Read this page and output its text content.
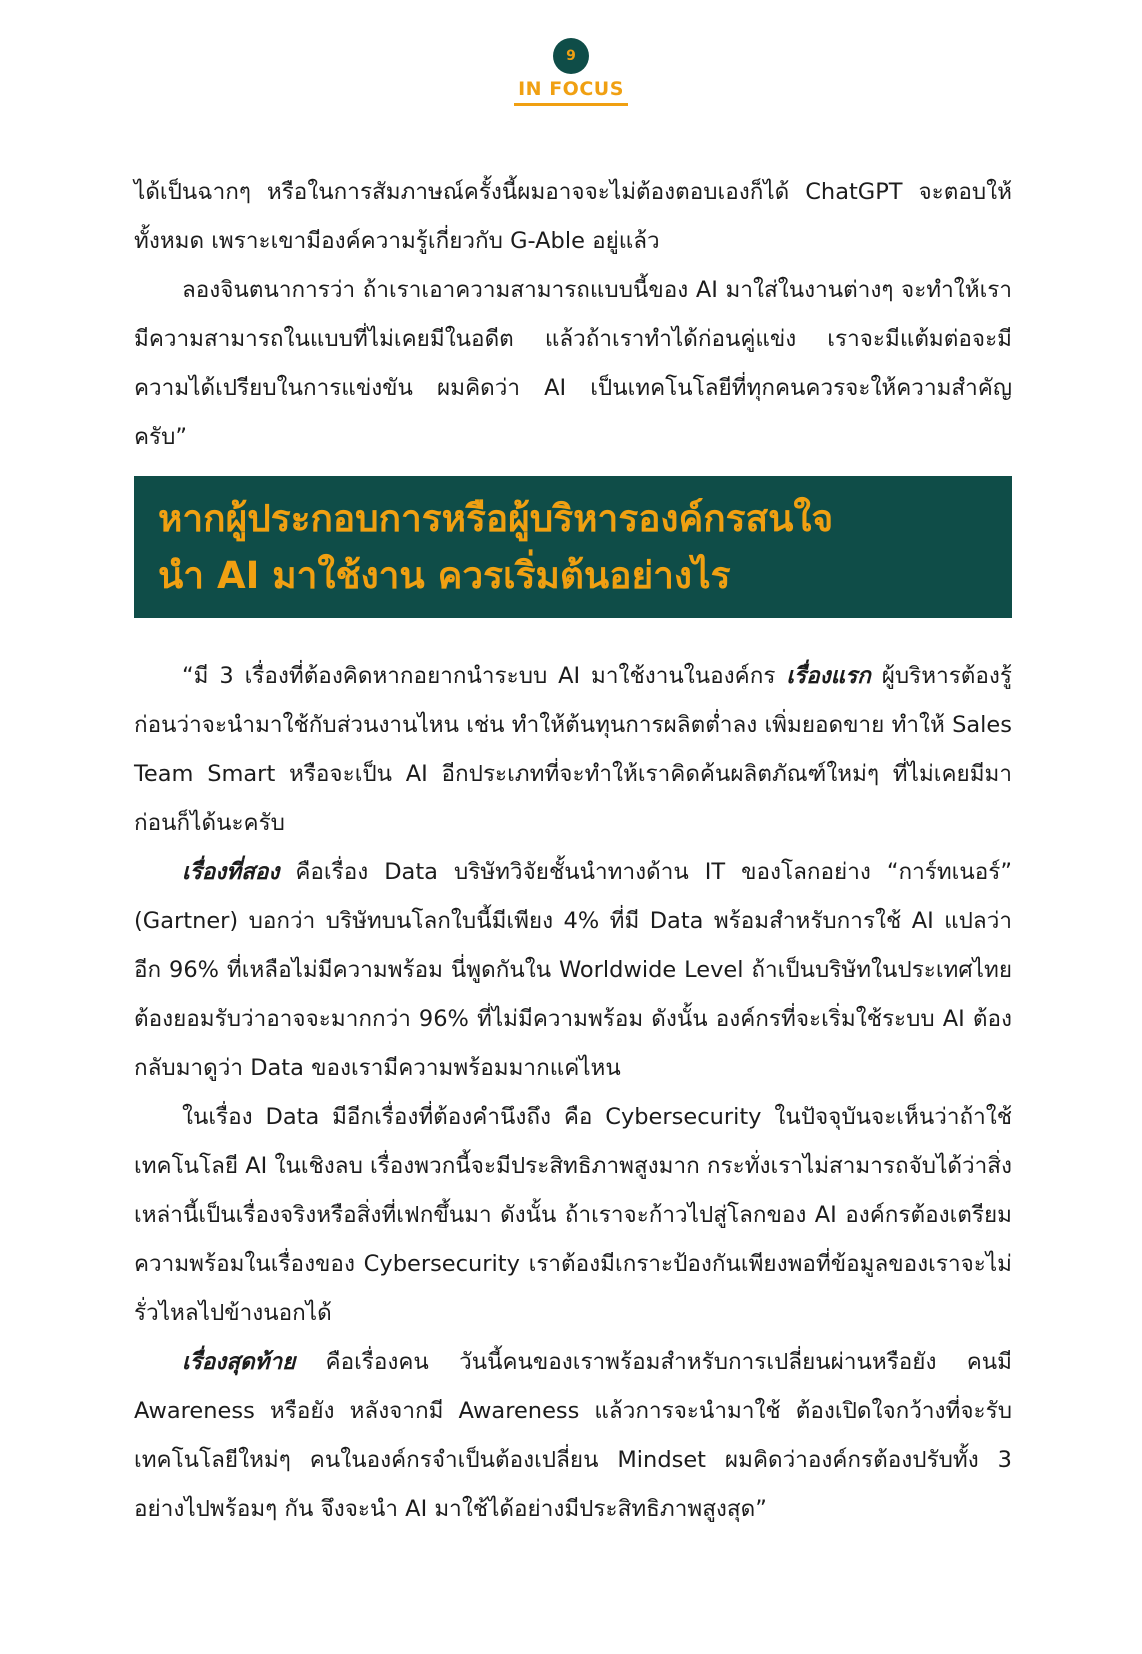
9
IN FOCUS

ได้เป็นฉากๆ หรือในการสัมภาษณ์ครั้งนี้ผมอาจจะไม่ต้องตอบเองก็ได้ ChatGPT จะตอบให้ทั้งหมด เพราะเขามีองค์ความรู้เกี่ยวกับ G-Able อยู่แล้ว

ลองจินตนาการว่า ถ้าเราเอาความสามารถแบบนี้ของ AI มาใส่ในงานต่างๆ จะทำให้เรามีความสามารถในแบบที่ไม่เคยมีในอดีต แล้วถ้าเราทำได้ก่อนคู่แข่ง เราจะมีแต้มต่อจะมีความได้เปรียบในการแข่งขัน ผมคิดว่า AI เป็นเทคโนโลยีที่ทุกคนควรจะให้ความสำคัญครับ”

หากผู้ประกอบการหรือผู้บริหารองค์กรสนใจ
นำ AI มาใช้งาน ควรเริ่มต้นอย่างไร

“มี 3 เรื่องที่ต้องคิดหากอยากนำระบบ AI มาใช้งานในองค์กร เรื่องแรก ผู้บริหารต้องรู้ก่อนว่าจะนำมาใช้กับส่วนงานไหน เช่น ทำให้ต้นทุนการผลิตต่ำลง เพิ่มยอดขาย ทำให้ Sales Team Smart หรือจะเป็น AI อีกประเภทที่จะทำให้เราคิดค้นผลิตภัณฑ์ใหม่ๆ ที่ไม่เคยมีมาก่อนก็ได้นะครับ

เรื่องที่สอง คือเรื่อง Data บริษัทวิจัยชั้นนำทางด้าน IT ของโลกอย่าง “การ์ทเนอร์” (Gartner) บอกว่า บริษัทบนโลกใบนี้มีเพียง 4% ที่มี Data พร้อมสำหรับการใช้ AI แปลว่าอีก 96% ที่เหลือไม่มีความพร้อม นี่พูดกันใน Worldwide Level ถ้าเป็นบริษัทในประเทศไทยต้องยอมรับว่าอาจจะมากกว่า 96% ที่ไม่มีความพร้อม ดังนั้น องค์กรที่จะเริ่มใช้ระบบ AI ต้องกลับมาดูว่า Data ของเรามีความพร้อมมากแค่ไหน

ในเรื่อง Data มีอีกเรื่องที่ต้องคำนึงถึง คือ Cybersecurity ในปัจจุบันจะเห็นว่าถ้าใช้เทคโนโลยี AI ในเชิงลบ เรื่องพวกนี้จะมีประสิทธิภาพสูงมาก กระทั่งเราไม่สามารถจับได้ว่าสิ่งเหล่านี้เป็นเรื่องจริงหรือสิ่งที่เฟกขึ้นมา ดังนั้น ถ้าเราจะก้าวไปสู่โลกของ AI องค์กรต้องเตรียมความพร้อมในเรื่องของ Cybersecurity เราต้องมีเกราะป้องกันเพียงพอที่ข้อมูลของเราจะไม่รั่วไหลไปข้างนอกได้

เรื่องสุดท้าย คือเรื่องคน วันนี้คนของเราพร้อมสำหรับการเปลี่ยนผ่านหรือยัง คนมี Awareness หรือยัง หลังจากมี Awareness แล้วการจะนำมาใช้ ต้องเปิดใจกว้างที่จะรับเทคโนโลยีใหม่ๆ คนในองค์กรจำเป็นต้องเปลี่ยน Mindset ผมคิดว่าองค์กรต้องปรับทั้ง 3 อย่างไปพร้อมๆ กัน จึงจะนำ AI มาใช้ได้อย่างมีประสิทธิภาพสูงสุด”
